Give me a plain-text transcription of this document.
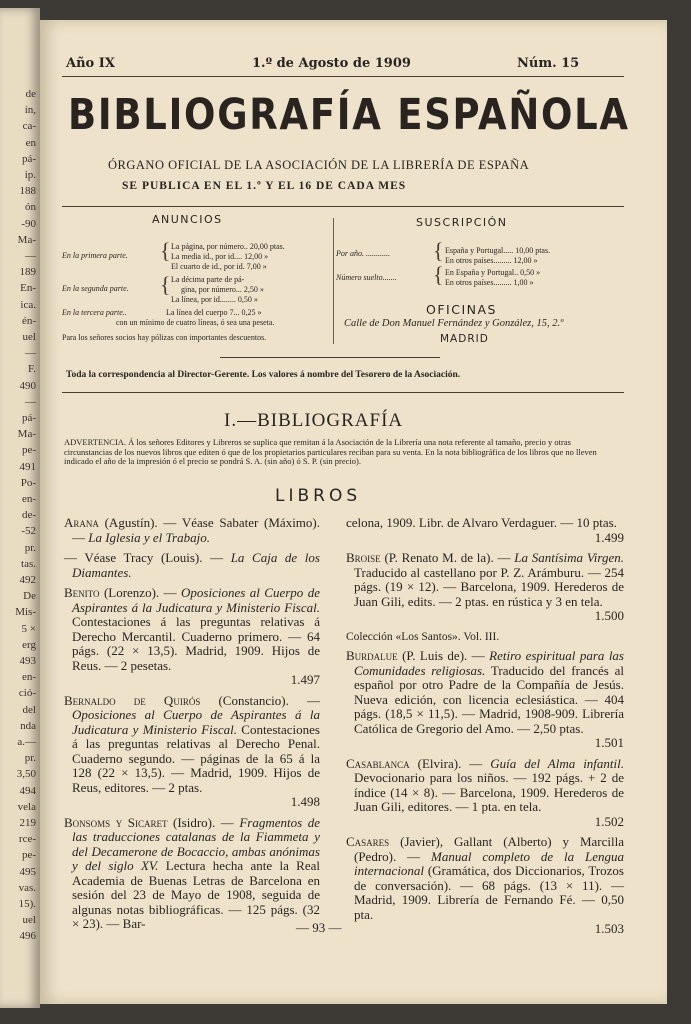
de
ín,
ca-
en
pá-
ip.
188
ón
-90
Ma-
—
189
En-
ica.
én-
uel
—
F.
490
—
pá-
Ma-
pe-
491
Po-
en-
de-
-52
pr.
tas.
492
De
Mis-
5 ×
erg
493
en-
ció-
del
nda
a.—
pr.
3,50
494
vela
219
rce-
pe-
495
vas.
15).
uel
496
Año IX	1.º de Agosto de 1909	Núm. 15
BIBLIOGRAFÍA ESPAÑOLA
ÓRGANO OFICIAL DE LA ASOCIACIÓN DE LA LIBRERÍA DE ESPAÑA
SE PUBLICA EN EL 1.º Y EL 16 DE CADA MES
ANUNCIOS
En la primera parte. { La página, por número.. 20,00 ptas.
La media id., por id.... 12,00 »
El cuarto de id., por id. 7,00 »
En la segunda parte. { La décima parte de pá-
gina, por número... 2,50 »
La línea, por id........ 0,50 »
En la tercera parte..	La línea del cuerpo 7... 0,25 »
con un mínimo de cuatro líneas, ó sea una peseta.
Para los señores socios hay pólizas con importantes descuentos.
SUSCRIPCIÓN
Por año. ............ { España y Portugal..... 10,00 ptas.
En otros países......... 12,00 »
Número suelto....... { En España y Portugal.. 0,50 »
En otros países......... 1,00 »
OFICINAS
Calle de Don Manuel Fernández y González, 15, 2.º
MADRID
Toda la correspondencia al Director-Gerente. Los valores á nombre del Tesorero de la Asociación.
I.—BIBLIOGRAFÍA
ADVERTENCIA. Á los señores Editores y Libreros se suplica que remitan á la Asociación de la Librería una nota referente al tamaño, precio y otras circunstancias de los nuevos libros que editen ó que de los propietarios particulares reciban para su venta. En la nota bibliográfica de los libros que no lleven indicado el año de la impresión ó el precio se pondrá S. A. (sin año) ó S. P. (sin precio).
LIBROS
Arana (Agustín). — Véase Sabater (Máximo). — La Iglesia y el Trabajo.
— Véase Tracy (Louis). — La Caja de los Diamantes.
Benito (Lorenzo). — Oposiciones al Cuerpo de Aspirantes á la Judicatura y Ministerio Fiscal. Contestaciones á las preguntas relativas á Derecho Mercantil. Cuaderno primero. — 64 págs. (22 × 13,5). Madrid, 1909. Hijos de Reus. — 2 pesetas.
1.497
Bernaldo de Quirós (Constancio). — Oposiciones al Cuerpo de Aspirantes á la Judicatura y Ministerio Fiscal. Contestaciones á las preguntas relativas al Derecho Penal. Cuaderno segundo. — páginas de la 65 á la 128 (22 × 13,5). — Madrid, 1909. Hijos de Reus, editores. — 2 ptas.
1.498
Bonsoms y Sicaret (Isidro). — Fragmentos de las traducciones catalanas de la Fiammeta y del Decamerone de Bocaccio, ambas anónimas y del siglo XV. Lectura hecha ante la Real Academia de Buenas Letras de Barcelona en sesión del 23 de Mayo de 1908, seguida de algunas notas bibliográficas. — 125 págs. (32 × 23). — Bar-
celona, 1909. Libr. de Alvaro Verdaguer. — 10 ptas.
1.499
Broise (P. Renato M. de la). — La Santísima Virgen. Traducido al castellano por P. Z. Arámburu. — 254 págs. (19 × 12). — Barcelona, 1909. Herederos de Juan Gili, edits. — 2 ptas. en rústica y 3 en tela.
1.500
Colección «Los Santos». Vol. III.
Burdalue (P. Luis de). — Retiro espiritual para las Comunidades religiosas. Traducido del francés al español por otro Padre de la Compañía de Jesús. Nueva edición, con licencia eclesiástica. — 404 págs. (18,5 × 11,5). — Madrid, 1908-909. Librería Católica de Gregorio del Amo. — 2,50 ptas.
1.501
Casablanca (Elvira). — Guía del Alma infantil. Devocionario para los niños. — 192 págs. + 2 de índice (14 × 8). — Barcelona, 1909. Herederos de Juan Gili, editores. — 1 pta. en tela.
1.502
Casares (Javier), Gallant (Alberto) y Marcilla (Pedro). — Manual completo de la Lengua internacional (Gramática, dos Diccionarios, Trozos de conversación). — 68 págs. (13 × 11). — Madrid, 1909. Librería de Fernando Fé. — 0,50 pta.
1.503
— 93 —
